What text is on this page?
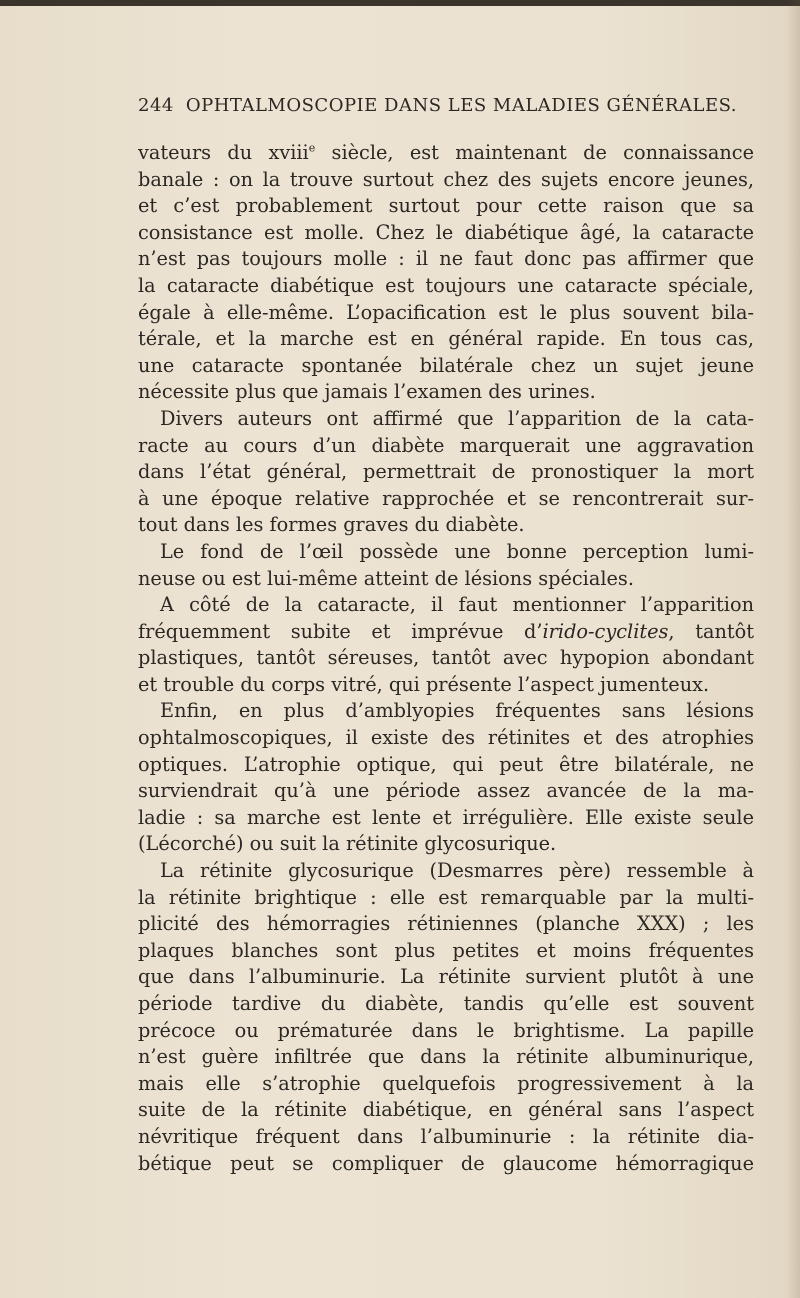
244 OPHTALMOSCOPIE DANS LES MALADIES GÉNÉRALES.
vateurs du xviii$^e$ siècle, est maintenant de connaissance
banale : on la trouve surtout chez des sujets encore jeunes,
et c’est probablement surtout pour cette raison que sa
consistance est molle. Chez le diabétique âgé, la cataracte
n’est pas toujours molle : il ne faut donc pas affirmer que
la cataracte diabétique est toujours une cataracte spéciale,
égale à elle-même. L’opacification est le plus souvent bila-
térale, et la marche est en général rapide. En tous cas,
une cataracte spontanée bilatérale chez un sujet jeune
nécessite plus que jamais l’examen des urines.
Divers auteurs ont affirmé que l’apparition de la cata-
racte au cours d’un diabète marquerait une aggravation
dans l’état général, permettrait de pronostiquer la mort
à une époque relative rapprochée et se rencontrerait sur-
tout dans les formes graves du diabète.
Le fond de l’œil possède une bonne perception lumi-
neuse ou est lui-même atteint de lésions spéciales.
A côté de la cataracte, il faut mentionner l’apparition
fréquemment subite et imprévue d’irido-cyclites, tantôt
plastiques, tantôt séreuses, tantôt avec hypopion abondant
et trouble du corps vitré, qui présente l’aspect jumenteux.
Enfin, en plus d’amblyopies fréquentes sans lésions
ophtalmoscopiques, il existe des rétinites et des atrophies
optiques. L’atrophie optique, qui peut être bilatérale, ne
surviendrait qu’à une période assez avancée de la ma-
ladie : sa marche est lente et irrégulière. Elle existe seule
(Lécorché) ou suit la rétinite glycosurique.
La rétinite glycosurique (Desmarres père) ressemble à
la rétinite brightique : elle est remarquable par la multi-
plicité des hémorragies rétiniennes (planche XXX) ; les
plaques blanches sont plus petites et moins fréquentes
que dans l’albuminurie. La rétinite survient plutôt à une
période tardive du diabète, tandis qu’elle est souvent
précoce ou prématurée dans le brightisme. La papille
n’est guère infiltrée que dans la rétinite albuminurique,
mais elle s’atrophie quelquefois progressivement à la
suite de la rétinite diabétique, en général sans l’aspect
névritique fréquent dans l’albuminurie : la rétinite dia-
bétique peut se compliquer de glaucome hémorragique
